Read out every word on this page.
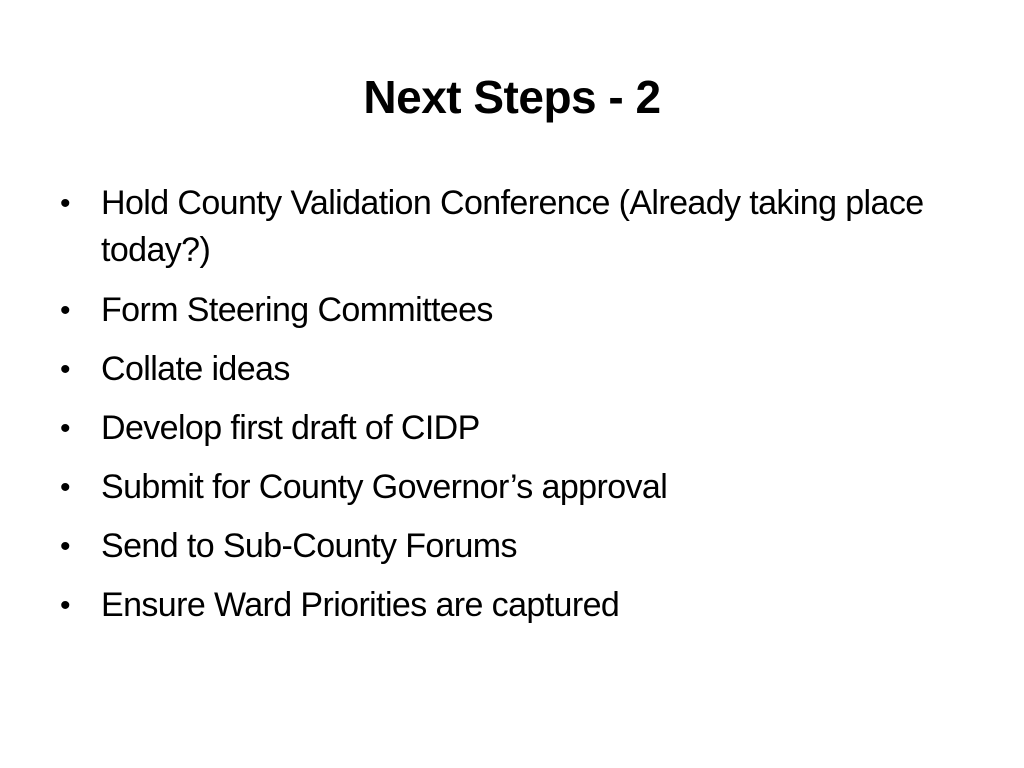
Next Steps - 2
• Hold County Validation Conference (Already taking place today?)
• Form Steering Committees
• Collate ideas
• Develop first draft of CIDP
• Submit for County Governor’s approval
• Send to Sub-County Forums
• Ensure Ward Priorities are captured
